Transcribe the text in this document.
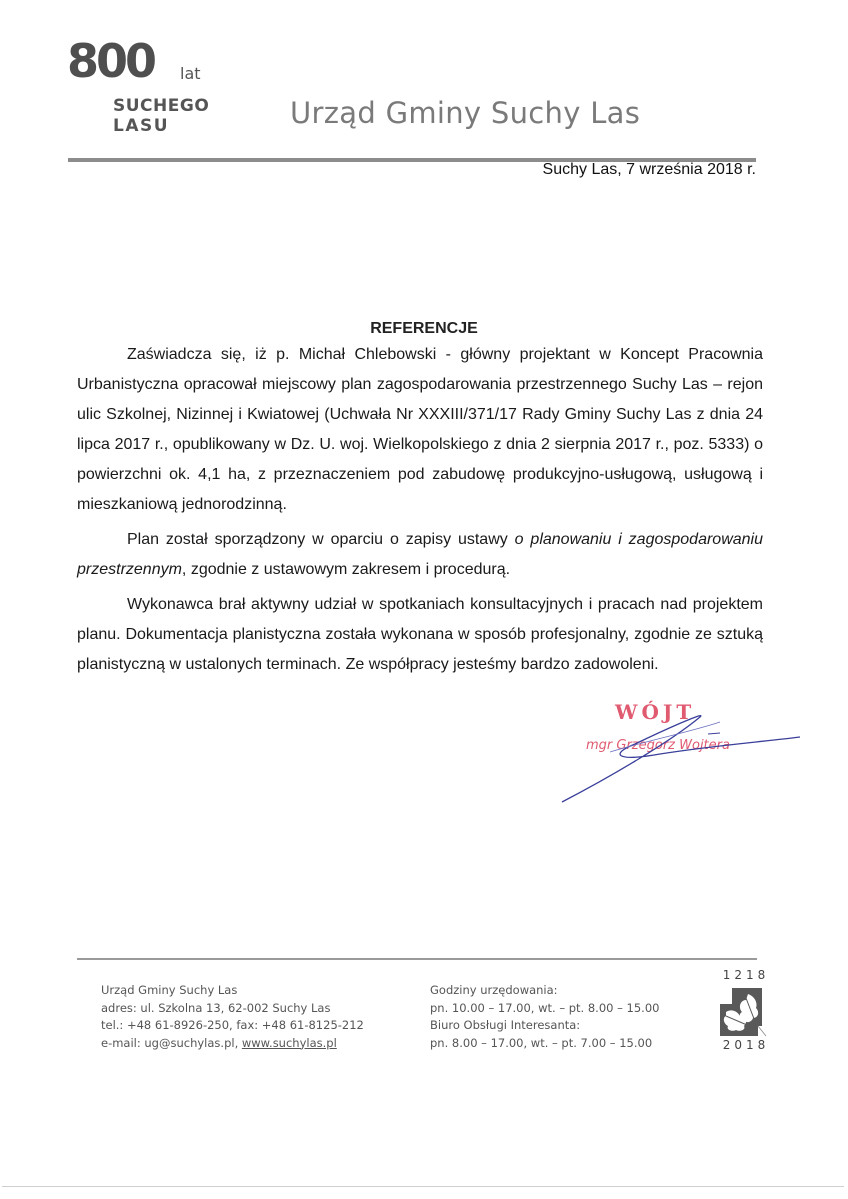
800 lat
SUCHEGO
LASU	Urząd Gminy Suchy Las
Suchy Las, 7 września 2018 r.
REFERENCJE

Zaświadcza się, iż p. Michał Chlebowski - główny projektant w Koncept Pracownia Urbanistyczna opracował miejscowy plan zagospodarowania przestrzennego Suchy Las – rejon ulic Szkolnej, Nizinnej i Kwiatowej (Uchwała Nr XXXIII/371/17 Rady Gminy Suchy Las z dnia 24 lipca 2017 r., opublikowany w Dz. U. woj. Wielkopolskiego z dnia 2 sierpnia 2017 r., poz. 5333) o powierzchni ok. 4,1 ha, z przeznaczeniem pod zabudowę produkcyjno-usługową, usługową i mieszkaniową jednorodzinną.

Plan został sporządzony w oparciu o zapisy ustawy o planowaniu i zagospodarowaniu przestrzennym, zgodnie z ustawowym zakresem i procedurą.

Wykonawca brał aktywny udział w spotkaniach konsultacyjnych i pracach nad projektem planu. Dokumentacja planistyczna została wykonana w sposób profesjonalny, zgodnie ze sztuką planistyczną w ustalonych terminach. Ze współpracy jesteśmy bardzo zadowoleni.

WÓJT
mgr Grzegorz Wojtera
Urząd Gminy Suchy Las
adres: ul. Szkolna 13, 62-002 Suchy Las
tel.: +48 61-8926-250, fax: +48 61-8125-212
e-mail: ug@suchylas.pl, www.suchylas.pl
Godziny urzędowania:
pn. 10.00 – 17.00, wt. – pt. 8.00 – 15.00
Biuro Obsługi Interesanta:
pn. 8.00 – 17.00, wt. – pt. 7.00 – 15.00
1218
2018
